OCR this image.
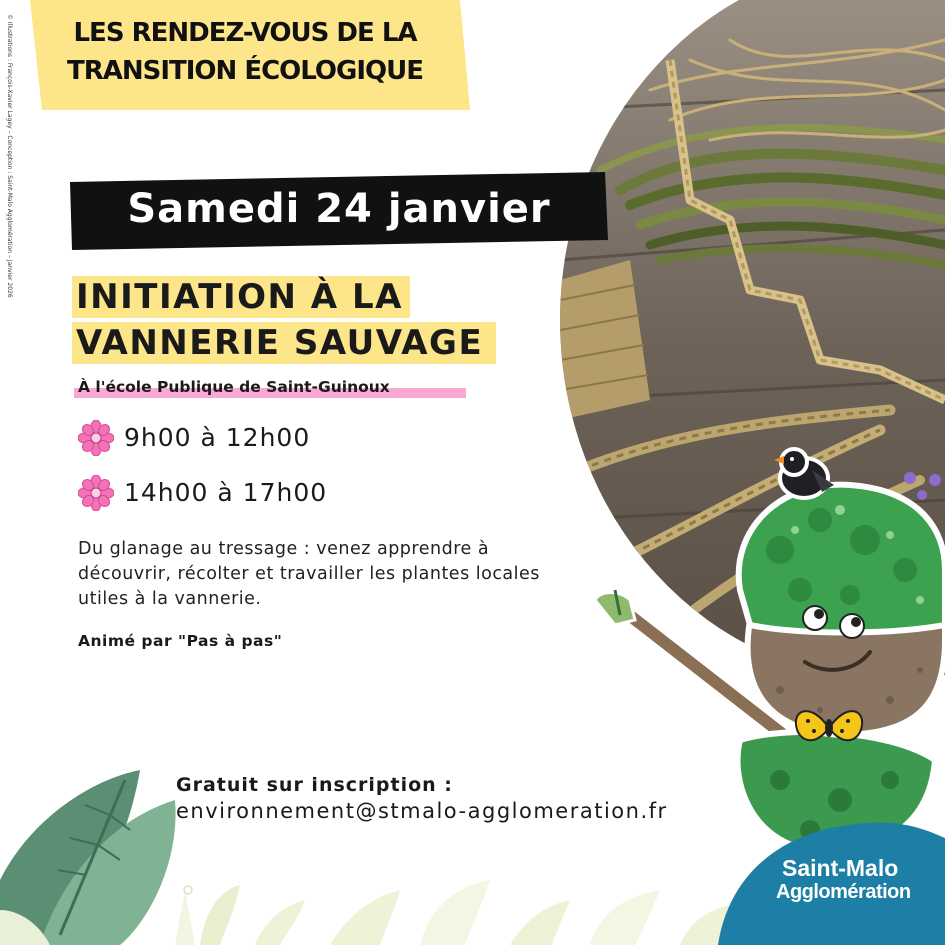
© Illustrations : François-Xavier Lagey – Conception : Saint-Malo Agglomération – Janvier 2026	LES RENDEZ-VOUS DE LA
TRANSITION ÉCOLOGIQUE
Samedi 24 janvier
INITIATION À LA
VANNERIE SAUVAGE
À l'école Publique de Saint-Guinoux
9h00 à 12h00
14h00 à 17h00
Du glanage au tressage : venez apprendre à découvrir, récolter et travailler les plantes locales utiles à la vannerie.
Animé par "Pas à pas"
Gratuit sur inscription :
environnement@stmalo-agglomeration.fr
Saint-Malo
Agglomération
